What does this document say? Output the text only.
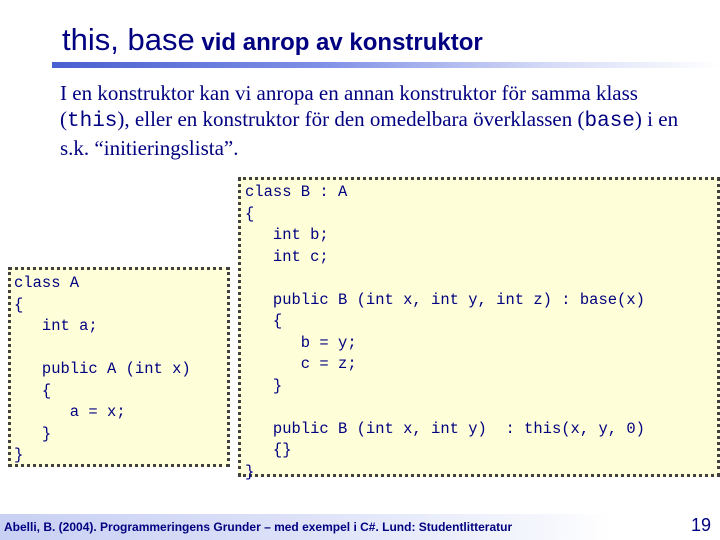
this, base vid anrop av konstruktor
I en konstruktor kan vi anropa en annan konstruktor för samma klass (this), eller en konstruktor för den omedelbara överklassen (base) i en s.k. “initieringslista”.
class B : A
{
int b;
int c;

public B (int x, int y, int z) : base(x)
{
b = y;
c = z;
}

public B (int x, int y)  : this(x, y, 0)
{}
}
class A
{
int a;

public A (int x)
{
a = x;
}
}
Abelli, B. (2004). Programmeringens Grunder – med exempel i C#. Lund: Studentlitteratur	19
